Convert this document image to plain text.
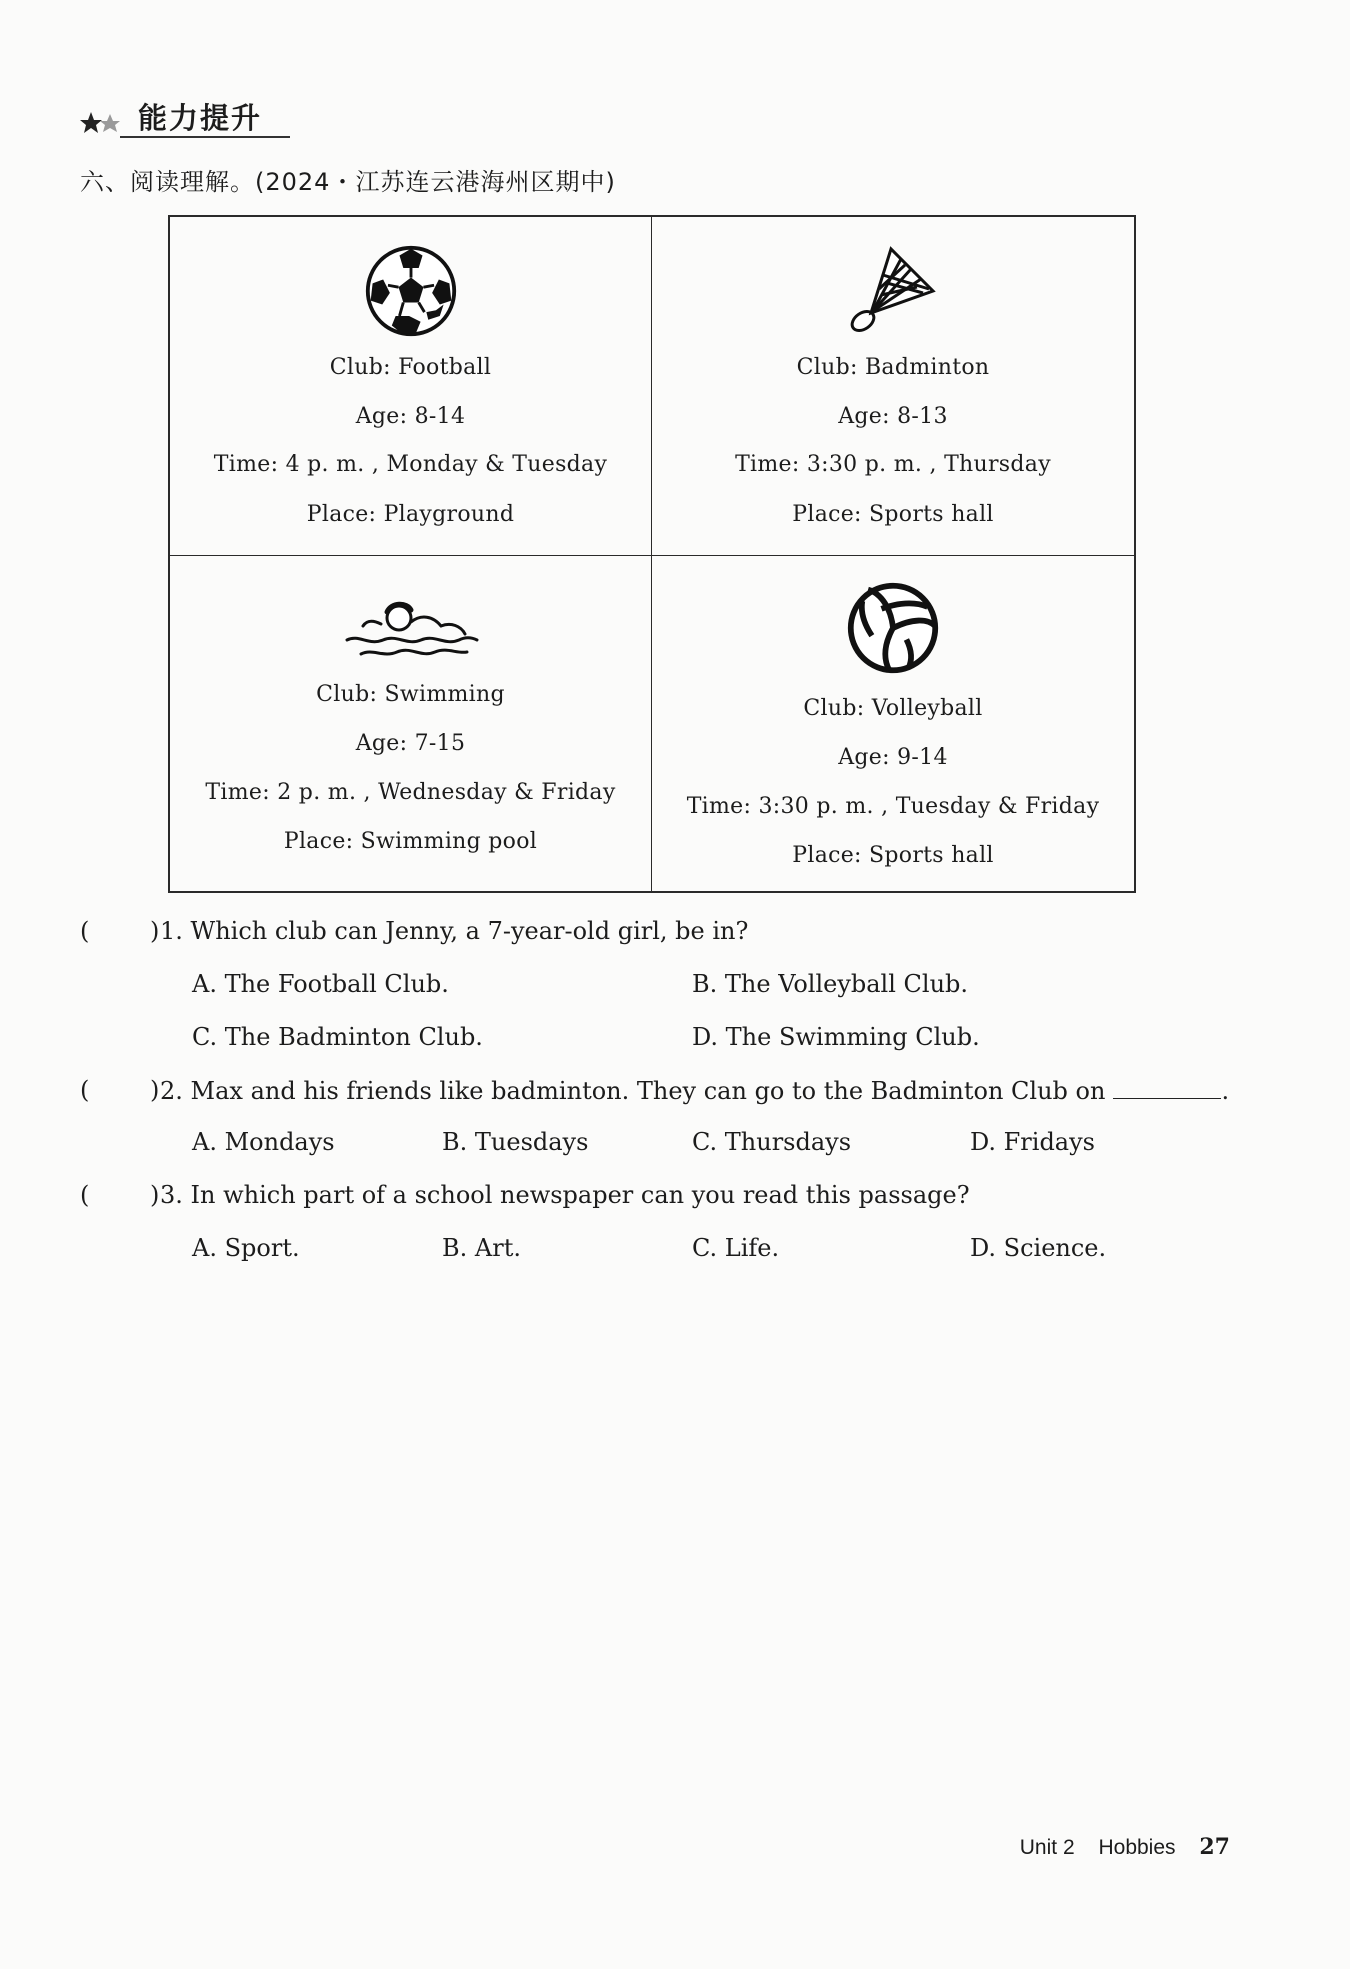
能力提升
六、阅读理解。(2024・江苏连云港海州区期中)
Club: Football
Age: 8-14
Time: 4 p. m. , Monday & Tuesday
Place: Playground
Club: Badminton
Age: 8-13
Time: 3:30 p. m. , Thursday
Place: Sports hall
Club: Swimming
Age: 7-15
Time: 2 p. m. , Wednesday & Friday
Place: Swimming pool
Club: Volleyball
Age: 9-14
Time: 3:30 p. m. , Tuesday & Friday
Place: Sports hall
(	) 1. Which club can Jenny, a 7-year-old girl, be in?
A. The Football Club.	B. The Volleyball Club.
C. The Badminton Club.	D. The Swimming Club.
(	) 2. Max and his friends like badminton. They can go to the Badminton Club on	.
A. Mondays	B. Tuesdays	C. Thursdays	D. Fridays
(	) 3. In which part of a school newspaper can you read this passage?
A. Sport.	B. Art.	C. Life.	D. Science.
Unit 2 Hobbies 27
